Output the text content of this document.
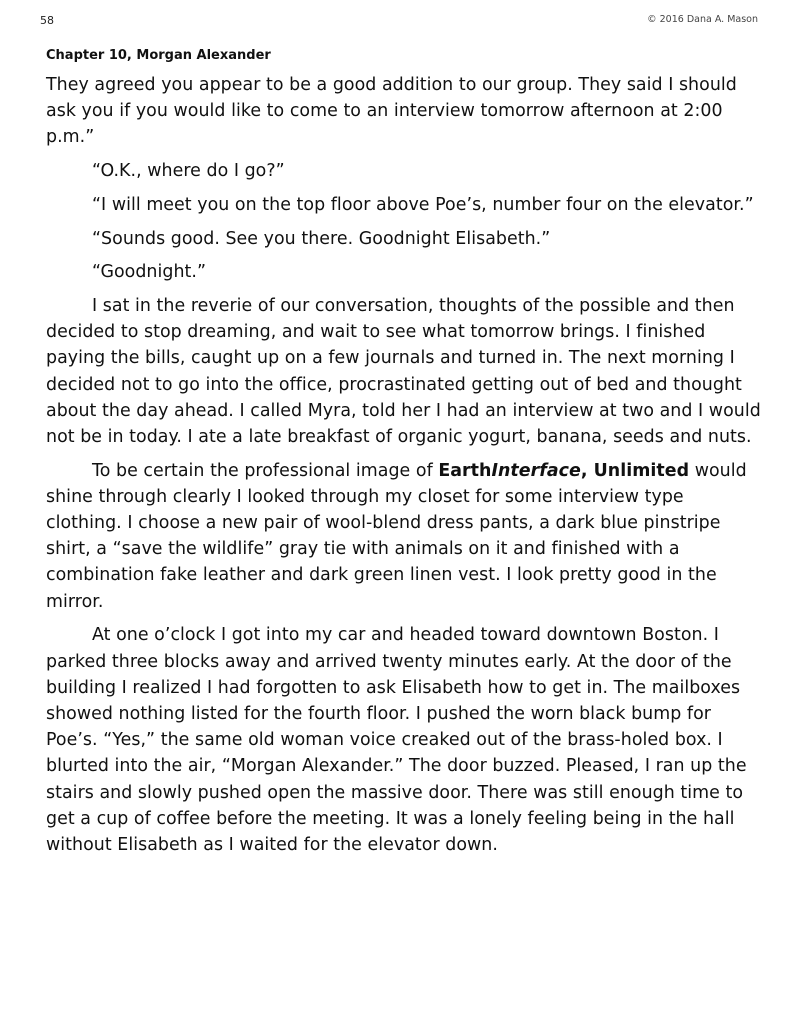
58	© 2016 Dana A. Mason
Chapter 10, Morgan Alexander

They agreed you appear to be a good addition to our group. They said I should ask you if you would like to come to an interview tomorrow afternoon at 2:00 p.m.”

“O.K., where do I go?”

“I will meet you on the top floor above Poe’s, number four on the elevator.”

“Sounds good. See you there. Goodnight Elisabeth.”

“Goodnight.”

I sat in the reverie of our conversation, thoughts of the possible and then decided to stop dreaming, and wait to see what tomorrow brings. I finished paying the bills, caught up on a few journals and turned in. The next morning I decided not to go into the office, procrastinated getting out of bed and thought about the day ahead. I called Myra, told her I had an interview at two and I would not be in today. I ate a late breakfast of organic yogurt, banana, seeds and nuts.

To be certain the professional image of EarthInterface, Unlimited would shine through clearly I looked through my closet for some interview type clothing. I choose a new pair of wool-blend dress pants, a dark blue pinstripe shirt, a “save the wildlife” gray tie with animals on it and finished with a combination fake leather and dark green linen vest. I look pretty good in the mirror.

At one o’clock I got into my car and headed toward downtown Boston. I parked three blocks away and arrived twenty minutes early. At the door of the building I realized I had forgotten to ask Elisabeth how to get in. The mailboxes showed nothing listed for the fourth floor. I pushed the worn black bump for Poe’s. “Yes,” the same old woman voice creaked out of the brass-holed box. I blurted into the air, “Morgan Alexander.” The door buzzed. Pleased, I ran up the stairs and slowly pushed open the massive door. There was still enough time to get a cup of coffee before the meeting. It was a lonely feeling being in the hall without Elisabeth as I waited for the elevator down.
